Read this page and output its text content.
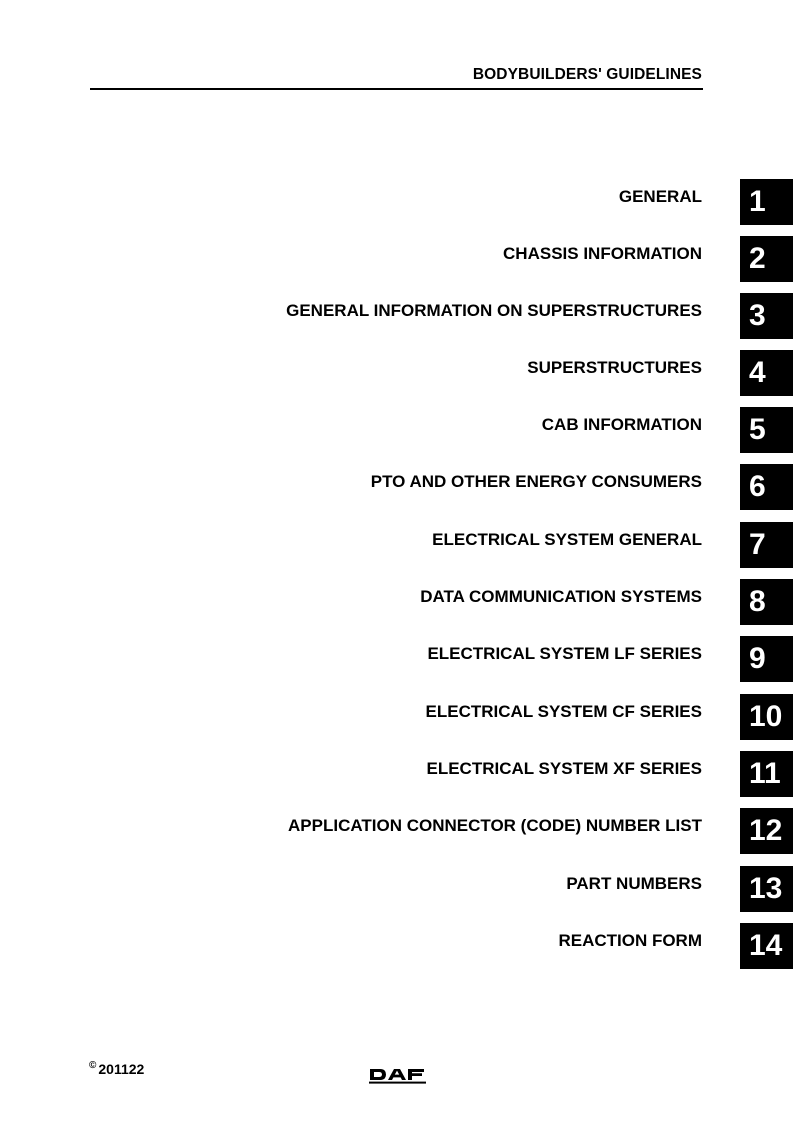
BODYBUILDERS' GUIDELINES
GENERAL	1
CHASSIS INFORMATION	2
GENERAL INFORMATION ON SUPERSTRUCTURES	3
SUPERSTRUCTURES	4
CAB INFORMATION	5
PTO AND OTHER ENERGY CONSUMERS	6
ELECTRICAL SYSTEM GENERAL	7
DATA COMMUNICATION SYSTEMS	8
ELECTRICAL SYSTEM LF SERIES	9
ELECTRICAL SYSTEM CF SERIES	10
ELECTRICAL SYSTEM XF SERIES	11
APPLICATION CONNECTOR (CODE) NUMBER LIST	12
PART NUMBERS	13
REACTION FORM	14
© 201122
